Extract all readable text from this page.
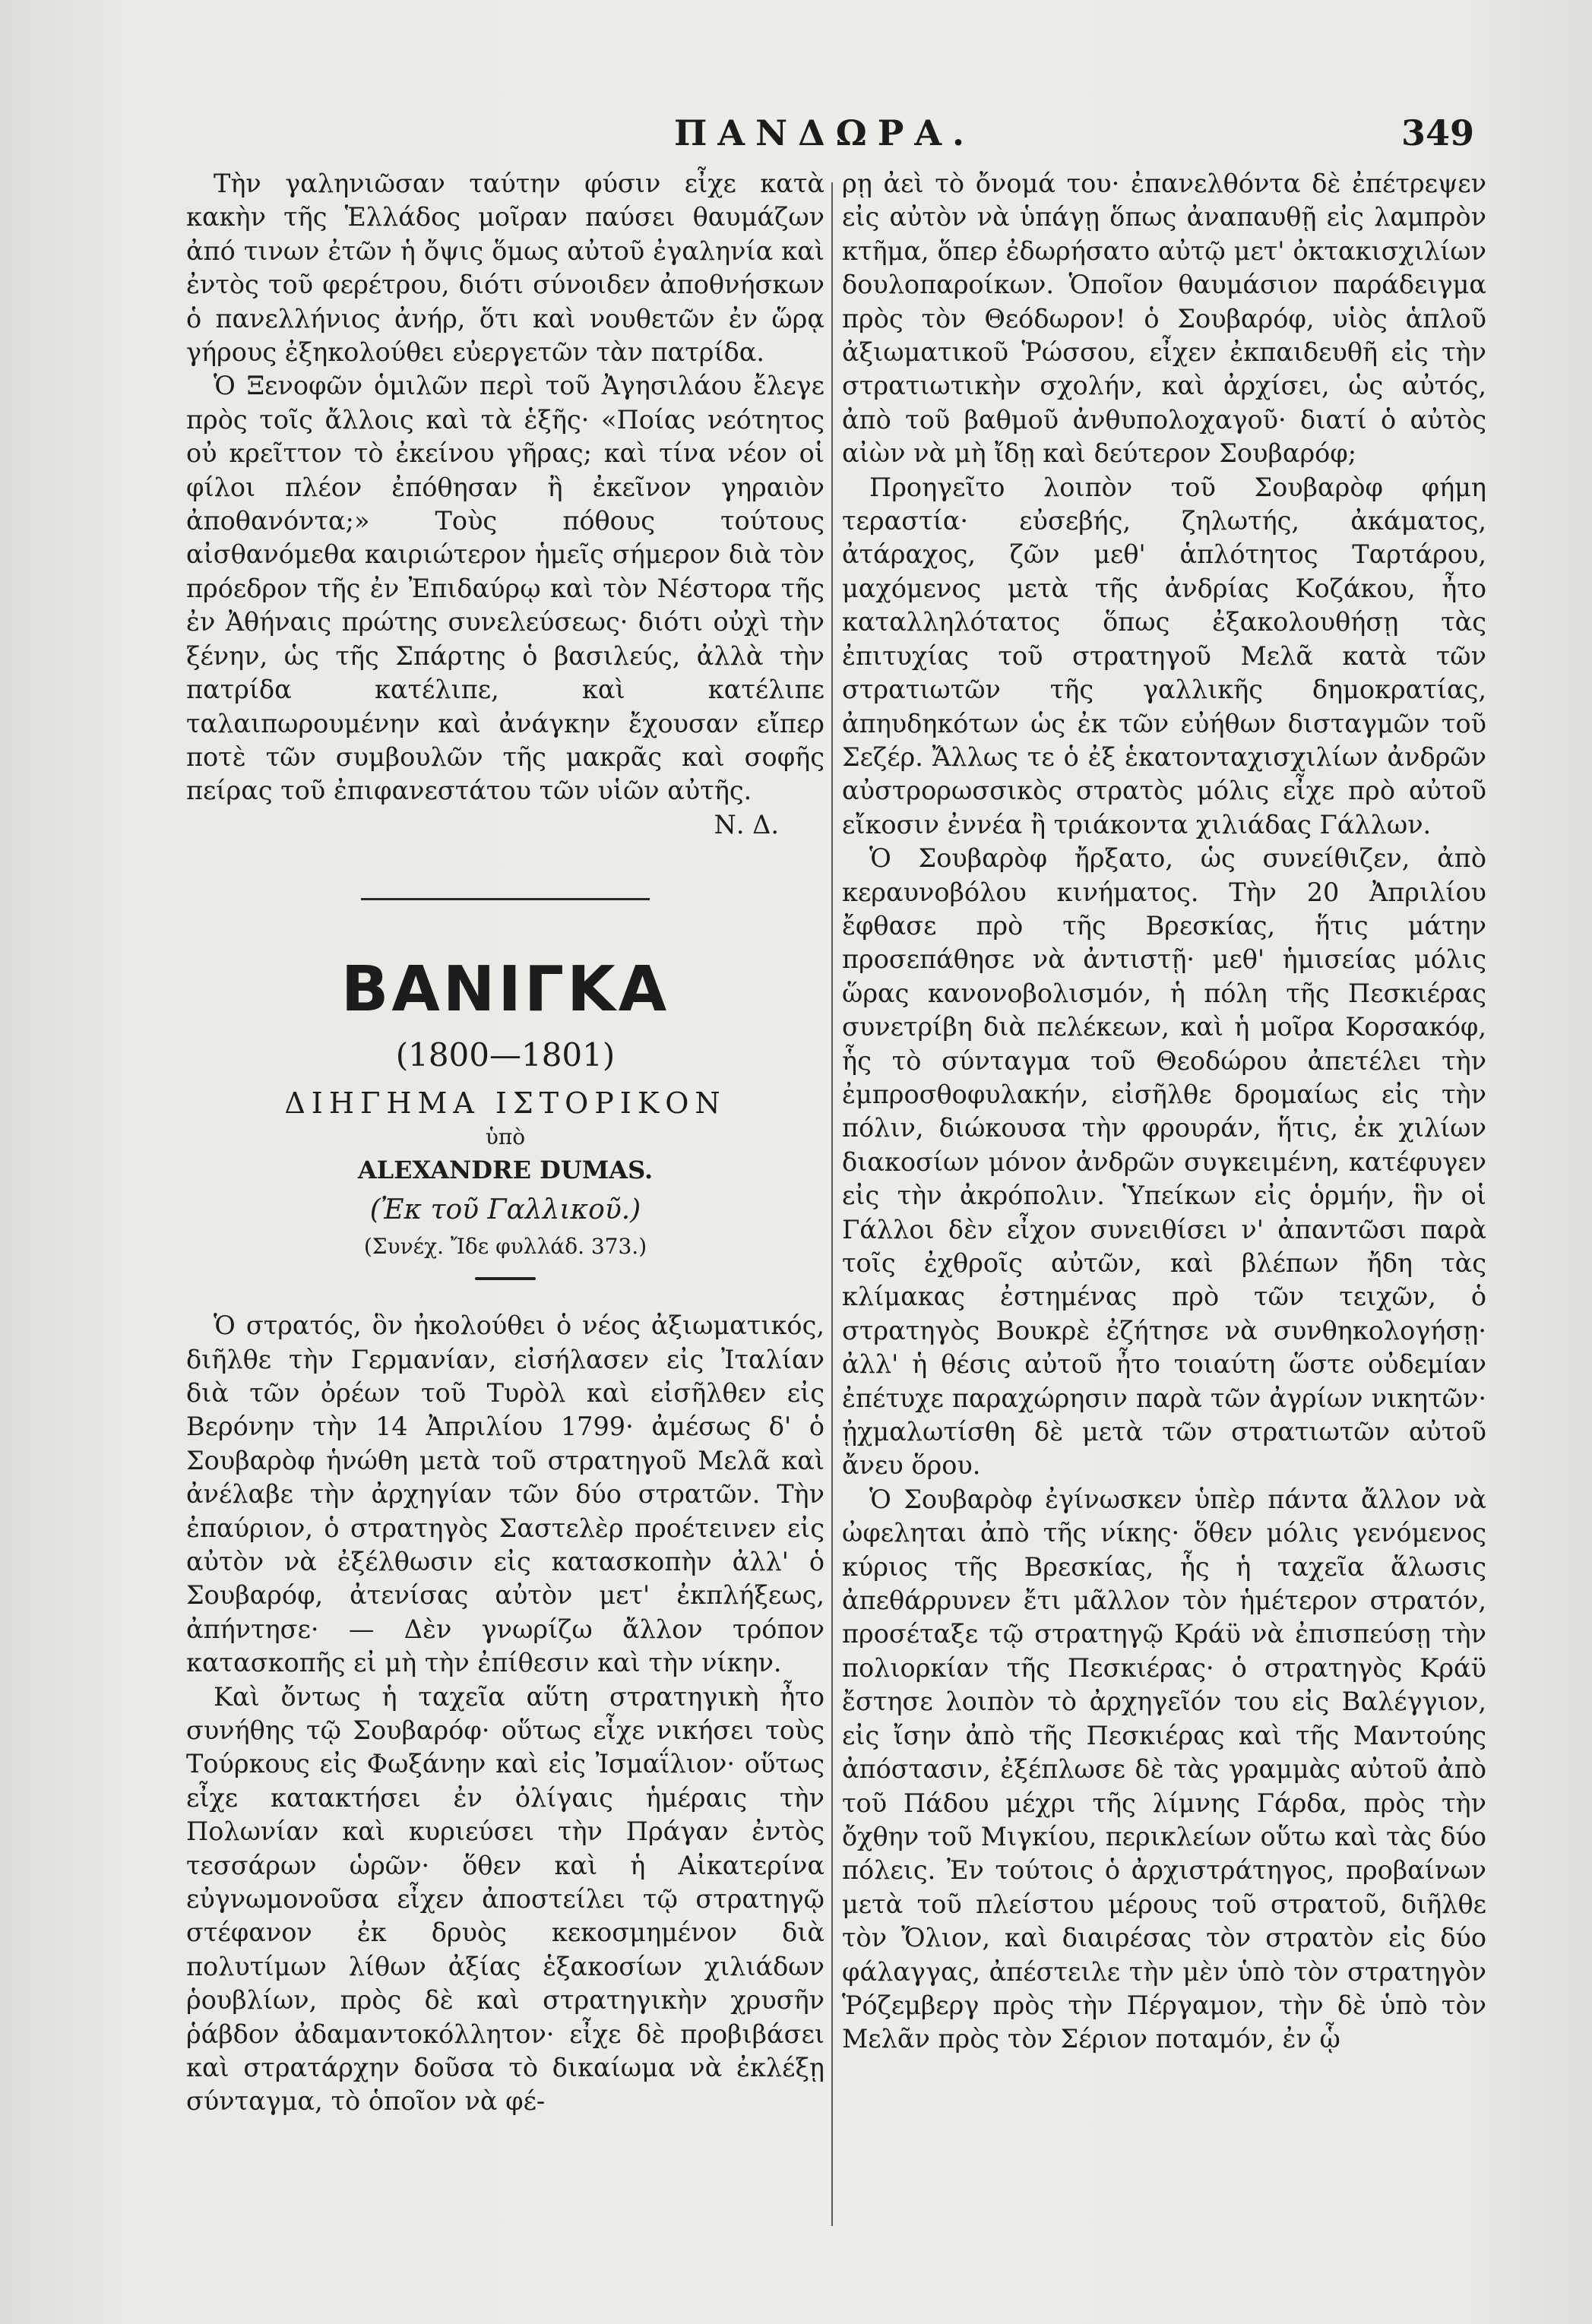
ΠΑΝΔΩΡΑ.	349

Τὴν γαληνιῶσαν ταύτην φύσιν εἶχε κατὰ κακὴν τῆς Ἑλλάδος μοῖραν παύσει θαυμάζων ἀπό τινων ἐτῶν ἡ ὄψις ὅμως αὐτοῦ ἐγαληνία καὶ ἐντὸς τοῦ φερέτρου, διότι σύνοιδεν ἀποθνήσκων ὁ πανελλήνιος ἀνήρ, ὅτι καὶ νουθετῶν ἐν ὥρᾳ γήρους ἐξηκολούθει εὐεργετῶν τὰν πατρίδα.

Ὁ Ξενοφῶν ὁμιλῶν περὶ τοῦ Ἀγησιλάου ἔλεγε πρὸς τοῖς ἄλλοις καὶ τὰ ἑξῆς· «Ποίας νεότητος οὐ κρεῖττον τὸ ἐκείνου γῆρας; καὶ τίνα νέον οἱ φίλοι πλέον ἐπόθησαν ἢ ἐκεῖνον γηραιὸν ἀποθανόντα;» Τοὺς πόθους τούτους αἰσθανόμεθα καιριώτερον ἡμεῖς σήμερον διὰ τὸν πρόεδρον τῆς ἐν Ἐπιδαύρῳ καὶ τὸν Νέστορα τῆς ἐν Ἀθήναις πρώτης συνελεύσεως· διότι οὐχὶ τὴν ξένην, ὡς τῆς Σπάρτης ὁ βασιλεύς, ἀλλὰ τὴν πατρίδα κατέλιπε, καὶ κατέλιπε ταλαιπωρουμένην καὶ ἀνάγκην ἔχουσαν εἴπερ ποτὲ τῶν συμβουλῶν τῆς μακρᾶς καὶ σοφῆς πείρας τοῦ ἐπιφανεστάτου τῶν υἱῶν αὐτῆς.

Ν. Δ.
ΒΑΝΙΓΚΑ
(1800—1801)
ΔΙΗΓΗΜΑ ΙΣΤΟΡΙΚΟΝ
ὑπὸ
ALEXANDRE DUMAS.
(Ἐκ τοῦ Γαλλικοῦ.)
(Συνέχ. Ἴδε φυλλάδ. 373.)

Ὁ στρατός, ὃν ἠκολούθει ὁ νέος ἀξιωματικός, διῆλθε τὴν Γερμανίαν, εἰσήλασεν εἰς Ἰταλίαν διὰ τῶν ὀρέων τοῦ Τυρὸλ καὶ εἰσῆλθεν εἰς Βερόνην τὴν 14 Ἀπριλίου 1799· ἀμέσως δ' ὁ Σουβαρὸφ ἡνώθη μετὰ τοῦ στρατηγοῦ Μελᾶ καὶ ἀνέλαβε τὴν ἀρχηγίαν τῶν δύο στρατῶν. Τὴν ἐπαύριον, ὁ στρατηγὸς Σαστελὲρ προέτεινεν εἰς αὐτὸν νὰ ἐξέλθωσιν εἰς κατασκοπὴν ἀλλ' ὁ Σουβαρόφ, ἀτενίσας αὐτὸν μετ' ἐκπλήξεως, ἀπήντησε· — Δὲν γνωρίζω ἄλλον τρόπον κατασκοπῆς εἰ μὴ τὴν ἐπίθεσιν καὶ τὴν νίκην.

Καὶ ὄντως ἡ ταχεῖα αὕτη στρατηγικὴ ἦτο συνήθης τῷ Σουβαρόφ· οὕτως εἶχε νικήσει τοὺς Τούρκους εἰς Φωξάνην καὶ εἰς Ἰσμαΐλιον· οὕτως εἶχε κατακτήσει ἐν ὀλίγαις ἡμέραις τὴν Πολωνίαν καὶ κυριεύσει τὴν Πράγαν ἐντὸς τεσσάρων ὡρῶν· ὅθεν καὶ ἡ Αἰκατερίνα εὐγνωμονοῦσα εἶχεν ἀποστείλει τῷ στρατηγῷ στέφανον ἐκ δρυὸς κεκοσμημένον διὰ πολυτίμων λίθων ἀξίας ἑξακοσίων χιλιάδων ῥουβλίων, πρὸς δὲ καὶ στρατηγικὴν χρυσῆν ῥάβδον ἀδαμαντοκόλλητον· εἶχε δὲ προβιβάσει καὶ στρατάρχην δοῦσα τὸ δικαίωμα νὰ ἐκλέξῃ σύνταγμα, τὸ ὁποῖον νὰ φέ-

ρῃ ἀεὶ τὸ ὄνομά του· ἐπανελθόντα δὲ ἐπέτρεψεν εἰς αὐτὸν νὰ ὑπάγῃ ὅπως ἀναπαυθῇ εἰς λαμπρὸν κτῆμα, ὅπερ ἐδωρήσατο αὐτῷ μετ' ὀκτακισχιλίων δουλοπαροίκων. Ὁποῖον θαυμάσιον παράδειγμα πρὸς τὸν Θεόδωρον! ὁ Σουβαρόφ, υἱὸς ἁπλοῦ ἀξιωματικοῦ Ῥώσσου, εἶχεν ἐκπαιδευθῆ εἰς τὴν στρατιωτικὴν σχολήν, καὶ ἀρχίσει, ὡς αὐτός, ἀπὸ τοῦ βαθμοῦ ἀνθυπολοχαγοῦ· διατί ὁ αὐτὸς αἰὼν νὰ μὴ ἴδῃ καὶ δεύτερον Σουβαρόφ;

Προηγεῖτο λοιπὸν τοῦ Σουβαρὸφ φήμη τεραστία· εὐσεβής, ζηλωτής, ἀκάματος, ἀτάραχος, ζῶν μεθ' ἁπλότητος Ταρτάρου, μαχόμενος μετὰ τῆς ἀνδρίας Κοζάκου, ἦτο καταλληλότατος ὅπως ἐξακολουθήσῃ τὰς ἐπιτυχίας τοῦ στρατηγοῦ Μελᾶ κατὰ τῶν στρατιωτῶν τῆς γαλλικῆς δημοκρατίας, ἀπηυδηκότων ὡς ἐκ τῶν εὐήθων δισταγμῶν τοῦ Σεζέρ. Ἄλλως τε ὁ ἐξ ἑκατονταχισχιλίων ἀνδρῶν αὐστρορωσσικὸς στρατὸς μόλις εἶχε πρὸ αὐτοῦ εἴκοσιν ἐννέα ἢ τριάκοντα χιλιάδας Γάλλων.

Ὁ Σουβαρὸφ ἤρξατο, ὡς συνείθιζεν, ἀπὸ κεραυνοβόλου κινήματος. Τὴν 20 Ἀπριλίου ἔφθασε πρὸ τῆς Βρεσκίας, ἥτις μάτην προσεπάθησε νὰ ἀντιστῇ· μεθ' ἡμισείας μόλις ὥρας κανονοβολισμόν, ἡ πόλη τῆς Πεσκιέρας συνετρίβη διὰ πελέκεων, καὶ ἡ μοῖρα Κορσακόφ, ἧς τὸ σύνταγμα τοῦ Θεοδώρου ἀπετέλει τὴν ἐμπροσθοφυλακήν, εἰσῆλθε δρομαίως εἰς τὴν πόλιν, διώκουσα τὴν φρουράν, ἥτις, ἐκ χιλίων διακοσίων μόνον ἀνδρῶν συγκειμένη, κατέφυγεν εἰς τὴν ἀκρόπολιν. Ὑπείκων εἰς ὁρμήν, ἣν οἱ Γάλλοι δὲν εἶχον συνειθίσει ν' ἀπαντῶσι παρὰ τοῖς ἐχθροῖς αὐτῶν, καὶ βλέπων ἤδη τὰς κλίμακας ἐστημένας πρὸ τῶν τειχῶν, ὁ στρατηγὸς Βουκρὲ ἐζήτησε νὰ συνθηκολογήσῃ· ἀλλ' ἡ θέσις αὐτοῦ ἦτο τοιαύτη ὥστε οὐδεμίαν ἐπέτυχε παραχώρησιν παρὰ τῶν ἀγρίων νικητῶν· ᾐχμαλωτίσθη δὲ μετὰ τῶν στρατιωτῶν αὐτοῦ ἄνευ ὅρου.

Ὁ Σουβαρὸφ ἐγίνωσκεν ὑπὲρ πάντα ἄλλον νὰ ὠφεληται ἀπὸ τῆς νίκης· ὅθεν μόλις γενόμενος κύριος τῆς Βρεσκίας, ἧς ἡ ταχεῖα ἅλωσις ἀπεθάρρυνεν ἔτι μᾶλλον τὸν ἡμέτερον στρατόν, προσέταξε τῷ στρατηγῷ Κράϋ νὰ ἐπισπεύσῃ τὴν πολιορκίαν τῆς Πεσκιέρας· ὁ στρατηγὸς Κράϋ ἔστησε λοιπὸν τὸ ἀρχηγεῖόν του εἰς Βαλέγγιον, εἰς ἴσην ἀπὸ τῆς Πεσκιέρας καὶ τῆς Μαντούης ἀπόστασιν, ἐξέπλωσε δὲ τὰς γραμμὰς αὐτοῦ ἀπὸ τοῦ Πάδου μέχρι τῆς λίμνης Γάρδα, πρὸς τὴν ὄχθην τοῦ Μιγκίου, περικλείων οὕτω καὶ τὰς δύο πόλεις. Ἐν τούτοις ὁ ἀρχιστράτηγος, προβαίνων μετὰ τοῦ πλείστου μέρους τοῦ στρατοῦ, διῆλθε τὸν Ὄλιον, καὶ διαιρέσας τὸν στρατὸν εἰς δύο φάλαγγας, ἀπέστειλε τὴν μὲν ὑπὸ τὸν στρατηγὸν Ῥόζεμβεργ πρὸς τὴν Πέργαμον, τὴν δὲ ὑπὸ τὸν Μελᾶν πρὸς τὸν Σέριον ποταμόν, ἐν ᾧ
